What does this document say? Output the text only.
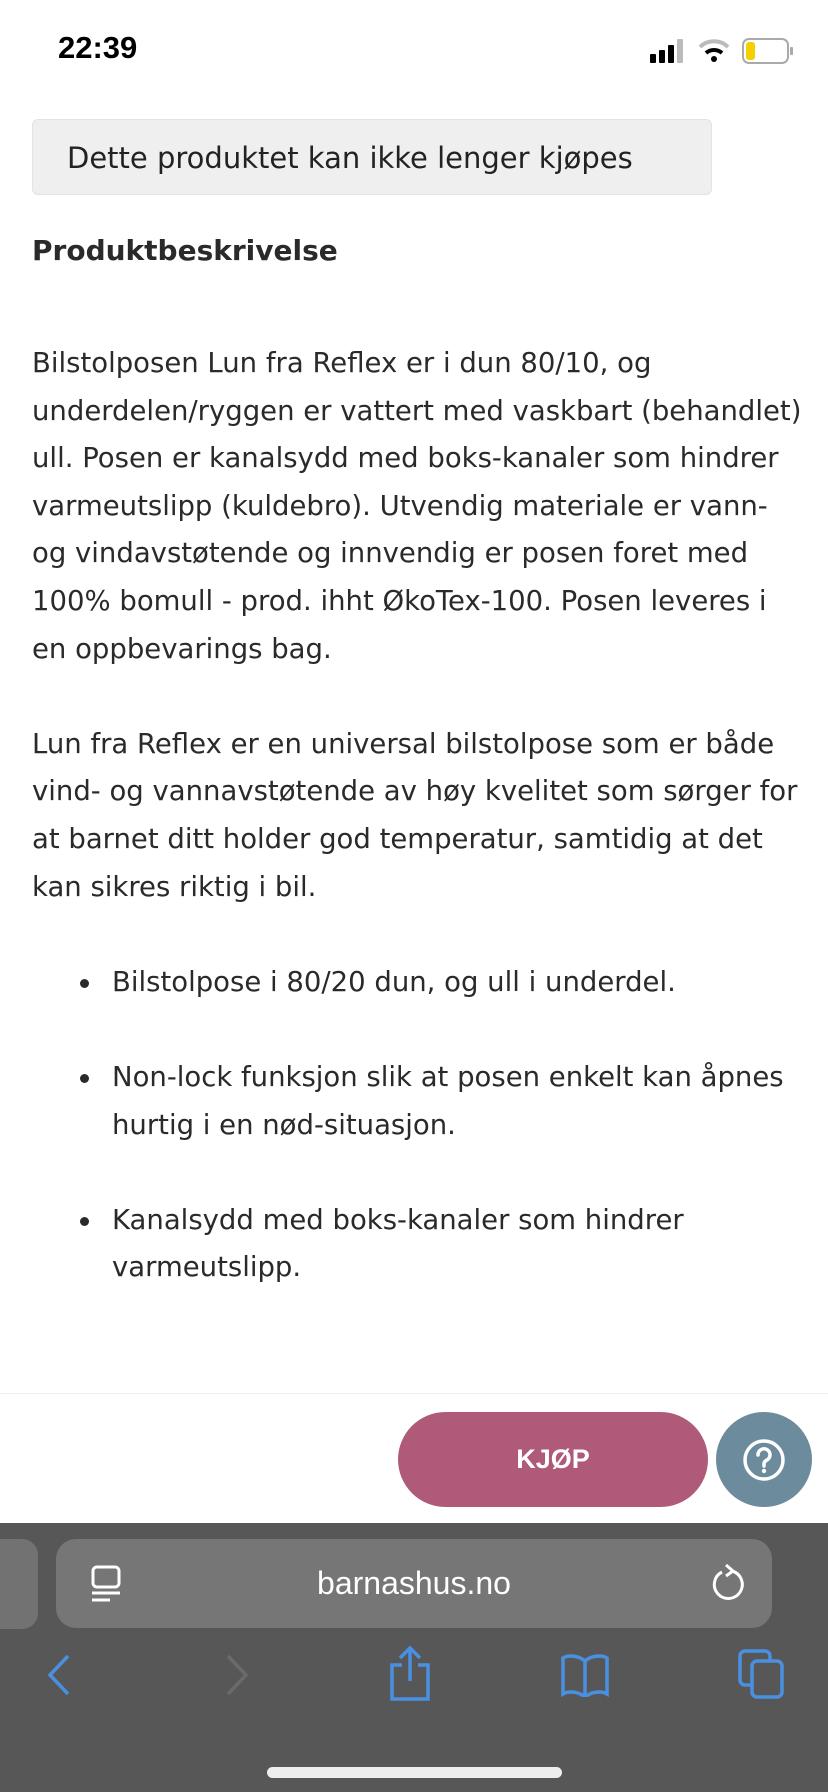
22:39
Dette produktet kan ikke lenger kjøpes
Produktbeskrivelse

Bilstolposen Lun fra Reflex er i dun 80/10, og underdelen/ryggen er vattert med vaskbart (behandlet) ull. Posen er kanalsydd med boks-kanaler som hindrer varmeutslipp (kuldebro). Utvendig materiale er vann- og vindavstøtende og innvendig er posen foret med 100% bomull - prod. ihht ØkoTex-100. Posen leveres i en oppbevarings bag.

Lun fra Reflex er en universal bilstolpose som er både vind- og vannavstøtende av høy kvelitet som sørger for at barnet ditt holder god temperatur, samtidig at det kan sikres riktig i bil.

Bilstolpose i 80/20 dun, og ull i underdel.
Non-lock funksjon slik at posen enkelt kan åpnes hurtig i en nød-situasjon.
Kanalsydd med boks-kanaler som hindrer varmeutslipp.
KJØP
barnashus.no
